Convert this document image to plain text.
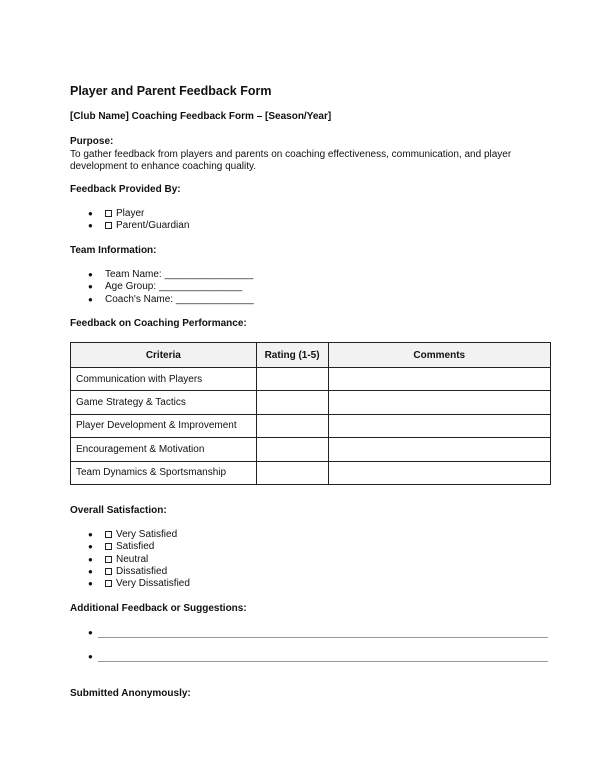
Player and Parent Feedback Form
[Club Name] Coaching Feedback Form – [Season/Year]
Purpose:
To gather feedback from players and parents on coaching effectiveness, communication, and player development to enhance coaching quality.
Feedback Provided By:
● Player
● Parent/Guardian
Team Information:
● Team Name: ________________
● Age Group: _______________
● Coach's Name: ______________
Feedback on Coaching Performance:
Criteria	Rating (1-5)	Comments
Communication with Players		
Game Strategy & Tactics		
Player Development & Improvement		
Encouragement & Motivation		
Team Dynamics & Sportsmanship		
Overall Satisfaction:
● Very Satisfied
● Satisfied
● Neutral
● Dissatisfied
● Very Dissatisfied
Additional Feedback or Suggestions:
●
●
Submitted Anonymously:
